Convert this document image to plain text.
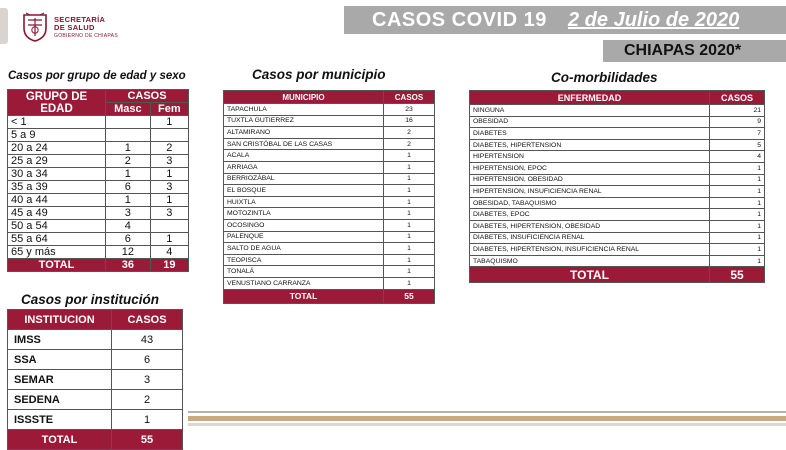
SECRETARÍA
DE SALUD
GOBIERNO DE CHIAPAS
CASOS COVID 19 2 de Julio de 2020
CHIAPAS 2020*
Casos por grupo de edad y sexo	Casos por municipio	Co-morbilidades
Casos por institución
GRUPO DE EDAD	CASOS	
	Masc	Fem
< 1		1
5 a 9		
20 a 24	1	2
25 a 29	2	3
30 a 34	1	1
35 a 39	6	3
40 a 44	1	1
45 a 49	3	3
50 a 54	4	
55 a 64	6	1
65 y más	12	4
TOTAL	36	19
INSTITUCION	CASOS
IMSS	43
SSA	6
SEMAR	3
SEDENA	2
ISSSTE	1
TOTAL	55
MUNICIPIO	CASOS
TAPACHULA	23
TUXTLA GUTIERREZ	16
ALTAMIRANO	2
SAN CRISTÓBAL DE LAS CASAS	2
ACALA	1
ARRIAGA	1
BERRIOZÁBAL	1
EL BOSQUE	1
HUIXTLA	1
MOTOZINTLA	1
OCOSINGO	1
PALENQUE	1
SALTO DE AGUA	1
TEOPISCA	1
TONALÁ	1
VENUSTIANO CARRANZA	1
TOTAL	55
ENFERMEDAD	CASOS
NINGUNA	21
OBESIDAD	9
DIABETES	7
DIABETES, HIPERTENSION	5
HIPERTENSION	4
HIPERTENSION, EPOC	1
HIPERTENSION, OBESIDAD	1
HIPERTENSION, INSUFICIENCIA RENAL	1
OBESIDAD, TABAQUISMO	1
DIABETES, EPOC	1
DIABETES, HIPERTENSION, OBESIDAD	1
DIABETES, INSUFICIENCIA RENAL	1
DIABETES, HIPERTENSION, INSUFICIENCIA RENAL	1
TABAQUISMO	1
TOTAL	55
